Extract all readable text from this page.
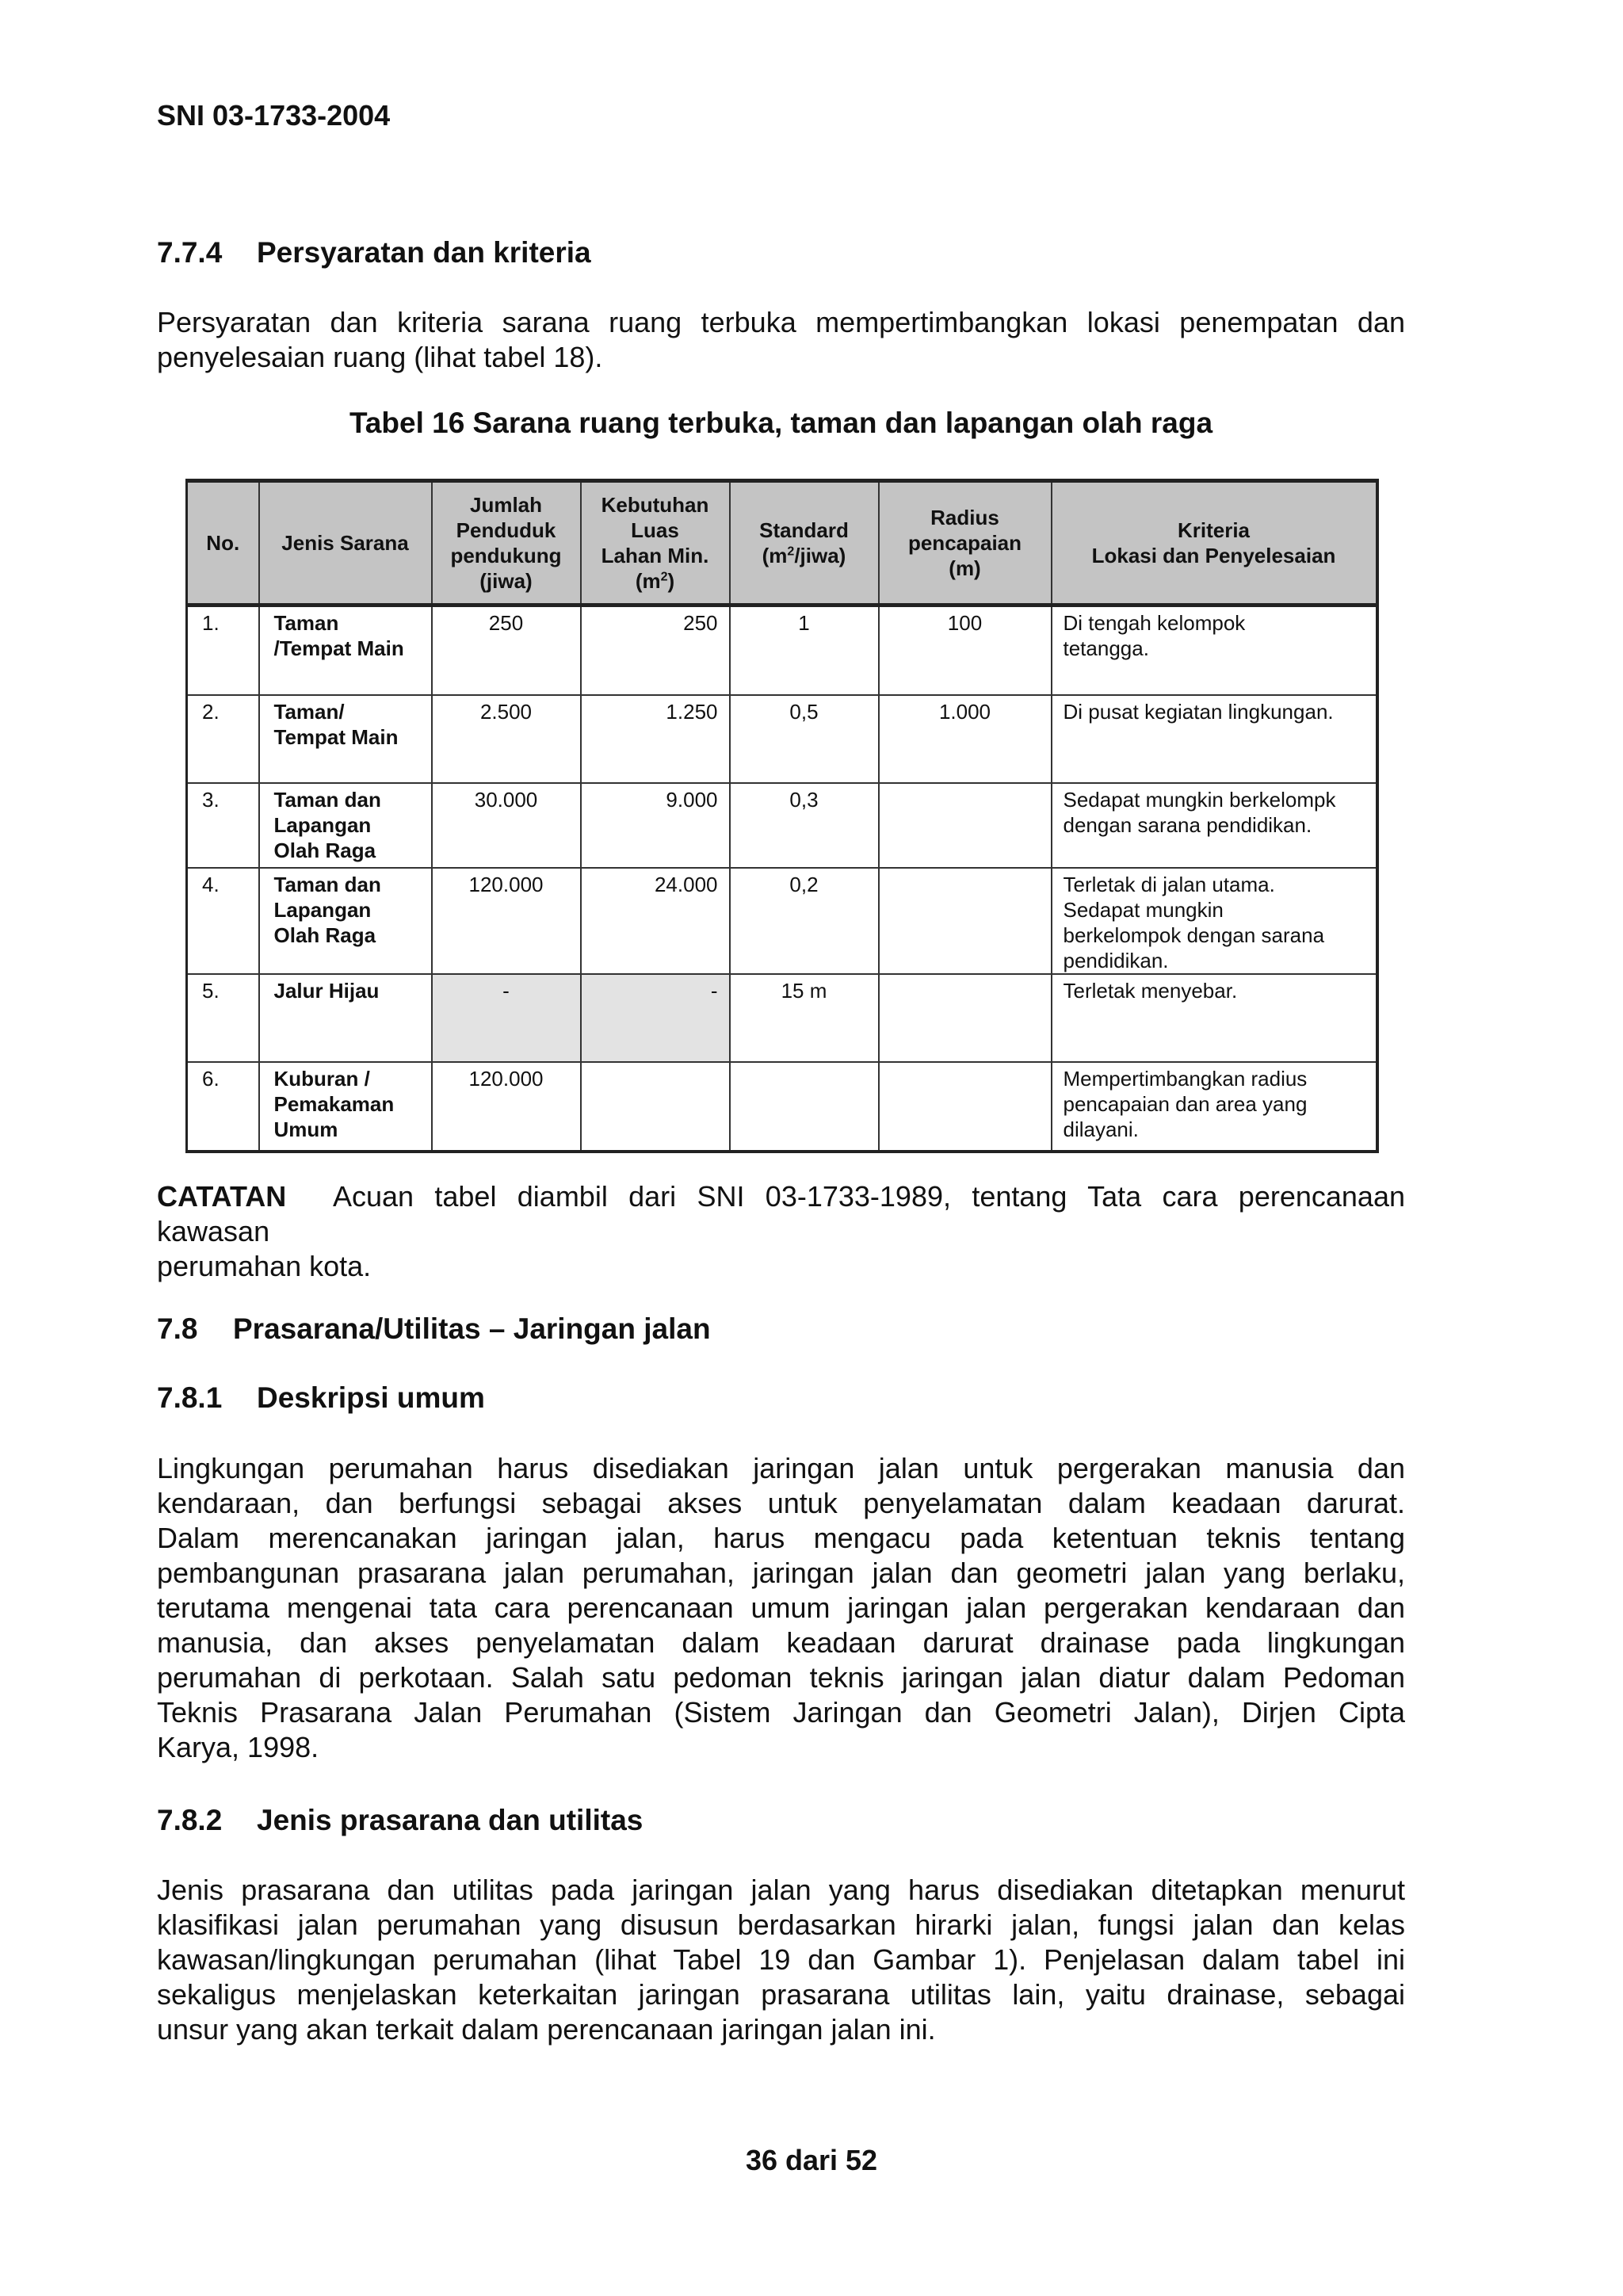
SNI 03-1733-2004
7.7.4 Persyaratan dan kriteria
Persyaratan dan kriteria sarana ruang terbuka mempertimbangkan lokasi penempatan dan
penyelesaian ruang (lihat tabel 18).
Tabel 16 Sarana ruang terbuka, taman dan lapangan olah raga
No.	Jenis Sarana	Jumlah
Penduduk
pendukung
(jiwa)	Kebutuhan
Luas
Lahan Min.
$(m^2)$	Standard
$(m^2/jiwa)$	Radius
pencapaian
(m)	Kriteria
Lokasi dan Penyelesaian
1.	Taman
/Tempat Main	250	250	1	100	Di tengah kelompok
tetangga.
2.	Taman/
Tempat Main	2.500	1.250	0,5	1.000	Di pusat kegiatan lingkungan.
3.	Taman dan
Lapangan
Olah Raga	30.000	9.000	0,3		Sedapat mungkin berkelompk
dengan sarana pendidikan.
4.	Taman dan
Lapangan
Olah Raga	120.000	24.000	0,2		Terletak di jalan utama.
Sedapat mungkin
berkelompok dengan sarana
pendidikan.
5.	Jalur Hijau	-	-	15 m		Terletak menyebar.
6.	Kuburan /
Pemakaman
Umum	120.000				Mempertimbangkan radius
pencapaian dan area yang
dilayani.
CATATAN Acuan tabel diambil dari SNI 03-1733-1989, tentang Tata cara perencanaan kawasan
perumahan kota.
7.8 Prasarana/Utilitas – Jaringan jalan
7.8.1 Deskripsi umum
Lingkungan perumahan harus disediakan jaringan jalan untuk pergerakan manusia dan
kendaraan, dan berfungsi sebagai akses untuk penyelamatan dalam keadaan darurat.
Dalam merencanakan jaringan jalan, harus mengacu pada ketentuan teknis tentang
pembangunan prasarana jalan perumahan, jaringan jalan dan geometri jalan yang berlaku,
terutama mengenai tata cara perencanaan umum jaringan jalan pergerakan kendaraan dan
manusia, dan akses penyelamatan dalam keadaan darurat drainase pada lingkungan
perumahan di perkotaan. Salah satu pedoman teknis jaringan jalan diatur dalam Pedoman
Teknis Prasarana Jalan Perumahan (Sistem Jaringan dan Geometri Jalan), Dirjen Cipta
Karya, 1998.
7.8.2 Jenis prasarana dan utilitas
Jenis prasarana dan utilitas pada jaringan jalan yang harus disediakan ditetapkan menurut
klasifikasi jalan perumahan yang disusun berdasarkan hirarki jalan, fungsi jalan dan kelas
kawasan/lingkungan perumahan (lihat Tabel 19 dan Gambar 1). Penjelasan dalam tabel ini
sekaligus menjelaskan keterkaitan jaringan prasarana utilitas lain, yaitu drainase, sebagai
unsur yang akan terkait dalam perencanaan jaringan jalan ini.
36 dari 52
